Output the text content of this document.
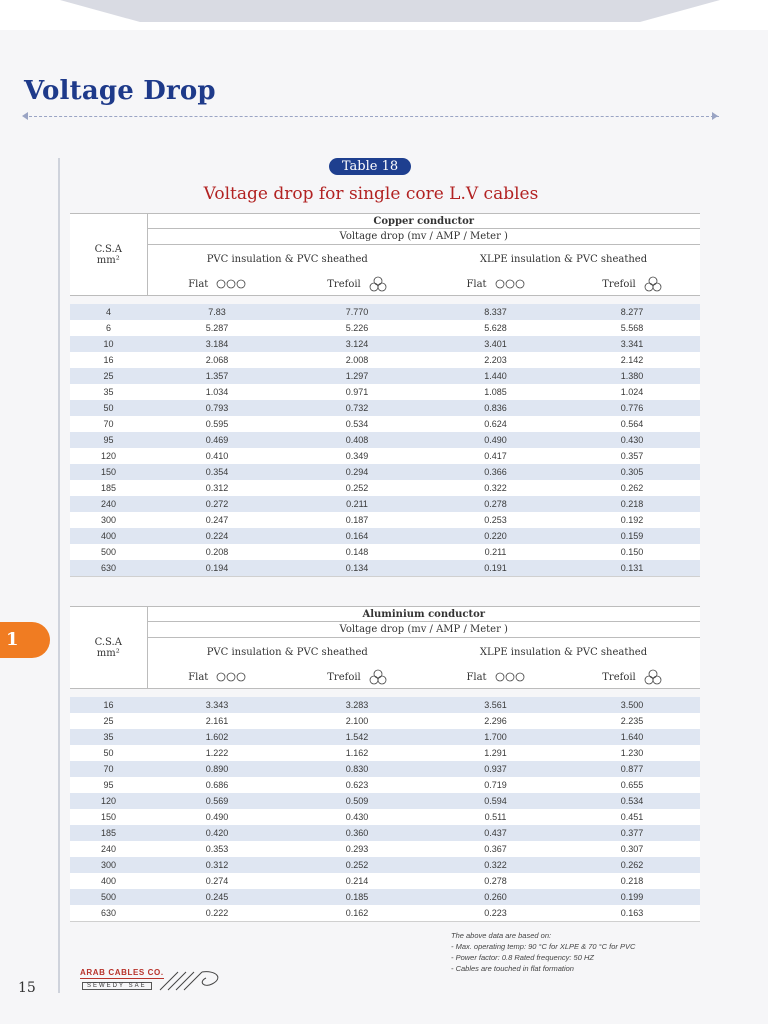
Voltage Drop
Table 18
Voltage drop for single core L.V cables
C.S.A
mm²	Copper conductor			
	Voltage drop (mv / AMP / Meter )			
	PVC insulation & PVC sheathed		XLPE insulation & PVC sheathed	

	Flat	Trefoil	Flat	Trefoil

4	7.83	7.770	8.337	8.277
6	5.287	5.226	5.628	5.568
10	3.184	3.124	3.401	3.341
16	2.068	2.008	2.203	2.142
25	1.357	1.297	1.440	1.380
35	1.034	0.971	1.085	1.024
50	0.793	0.732	0.836	0.776
70	0.595	0.534	0.624	0.564
95	0.469	0.408	0.490	0.430
120	0.410	0.349	0.417	0.357
150	0.354	0.294	0.366	0.305
185	0.312	0.252	0.322	0.262
240	0.272	0.211	0.278	0.218
300	0.247	0.187	0.253	0.192
400	0.224	0.164	0.220	0.159
500	0.208	0.148	0.211	0.150
630	0.194	0.134	0.191	0.131
1	C.S.A
mm²	Aluminium conductor			
	Voltage drop (mv / AMP / Meter )			
	PVC insulation & PVC sheathed		XLPE insulation & PVC sheathed	

	Flat	Trefoil	Flat	Trefoil

16	3.343	3.283	3.561	3.500
25	2.161	2.100	2.296	2.235
35	1.602	1.542	1.700	1.640
50	1.222	1.162	1.291	1.230
70	0.890	0.830	0.937	0.877
95	0.686	0.623	0.719	0.655
120	0.569	0.509	0.594	0.534
150	0.490	0.430	0.511	0.451
185	0.420	0.360	0.437	0.377
240	0.353	0.293	0.367	0.307
300	0.312	0.252	0.322	0.262
400	0.274	0.214	0.278	0.218
500	0.245	0.185	0.260	0.199
630	0.222	0.162	0.223	0.163
The above data are based on:
- Max. operating temp: 90 °C for XLPE & 70 °C for PVC
- Power factor: 0.8 Rated frequency: 50 HZ
- Cables are touched in flat formation
15
ARAB CABLES CO.
SEWEDY SAE
